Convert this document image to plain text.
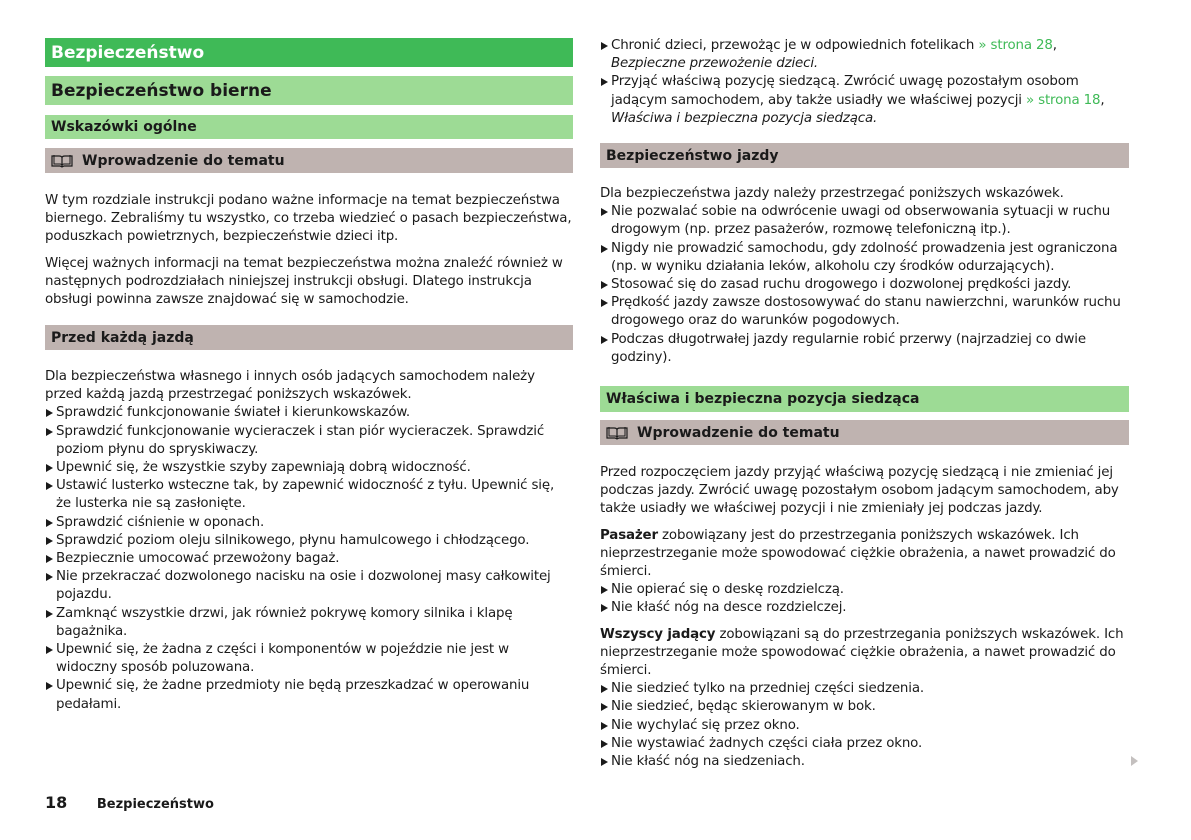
Bezpieczeństwo
Bezpieczeństwo bierne
Wskazówki ogólne
Wprowadzenie do tematu

W tym rozdziale instrukcji podano ważne informacje na temat bezpieczeństwa biernego. Zebraliśmy tu wszystko, co trzeba wiedzieć o pasach bezpieczeństwa, poduszkach powietrznych, bezpieczeństwie dzieci itp.

Więcej ważnych informacji na temat bezpieczeństwa można znaleźć również w następnych podrozdziałach niniejszej instrukcji obsługi. Dlatego instrukcja obsługi powinna zawsze znajdować się w samochodzie.

Przed każdą jazdą

Dla bezpieczeństwa własnego i innych osób jadących samochodem należy przed każdą jazdą przestrzegać poniższych wskazówek.

Sprawdzić funkcjonowanie świateł i kierunkowskazów.
Sprawdzić funkcjonowanie wycieraczek i stan piór wycieraczek. Sprawdzić poziom płynu do spryskiwaczy.
Upewnić się, że wszystkie szyby zapewniają dobrą widoczność.
Ustawić lusterko wsteczne tak, by zapewnić widoczność z tyłu. Upewnić się, że lusterka nie są zasłonięte.
Sprawdzić ciśnienie w oponach.
Sprawdzić poziom oleju silnikowego, płynu hamulcowego i chłodzącego.
Bezpiecznie umocować przewożony bagaż.
Nie przekraczać dozwolonego nacisku na osie i dozwolonej masy całkowitej pojazdu.
Zamknąć wszystkie drzwi, jak również pokrywę komory silnika i klapę bagażnika.
Upewnić się, że żadna z części i komponentów w pojeździe nie jest w widoczny sposób poluzowana.
Upewnić się, że żadne przedmioty nie będą przeszkadzać w operowaniu pedałami.
Chronić dzieci, przewożąc je w odpowiednich fotelikach » strona 28, Bezpieczne przewożenie dzieci.
Przyjąć właściwą pozycję siedzącą. Zwrócić uwagę pozostałym osobom jadącym samochodem, aby także usiadły we właściwej pozycji » strona 18, Właściwa i bezpieczna pozycja siedząca.
Bezpieczeństwo jazdy

Dla bezpieczeństwa jazdy należy przestrzegać poniższych wskazówek.

Nie pozwalać sobie na odwrócenie uwagi od obserwowania sytuacji w ruchu drogowym (np. przez pasażerów, rozmowę telefoniczną itp.).
Nigdy nie prowadzić samochodu, gdy zdolność prowadzenia jest ograniczona (np. w wyniku działania leków, alkoholu czy środków odurzających).
Stosować się do zasad ruchu drogowego i dozwolonej prędkości jazdy.
Prędkość jazdy zawsze dostosowywać do stanu nawierzchni, warunków ruchu drogowego oraz do warunków pogodowych.
Podczas długotrwałej jazdy regularnie robić przerwy (najrzadziej co dwie godziny).
Właściwa i bezpieczna pozycja siedząca
Wprowadzenie do tematu

Przed rozpoczęciem jazdy przyjąć właściwą pozycję siedzącą i nie zmieniać jej podczas jazdy. Zwrócić uwagę pozostałym osobom jadącym samochodem, aby także usiadły we właściwej pozycji i nie zmieniały jej podczas jazdy.

Pasażer zobowiązany jest do przestrzegania poniższych wskazówek. Ich nieprzestrzeganie może spowodować ciężkie obrażenia, a nawet prowadzić do śmierci.

Nie opierać się o deskę rozdzielczą.
Nie kłaść nóg na desce rozdzielczej.

Wszyscy jadący zobowiązani są do przestrzegania poniższych wskazówek. Ich nieprzestrzeganie może spowodować ciężkie obrażenia, a nawet prowadzić do śmierci.

Nie siedzieć tylko na przedniej części siedzenia.
Nie siedzieć, będąc skierowanym w bok.
Nie wychylać się przez okno.
Nie wystawiać żadnych części ciała przez okno.
Nie kłaść nóg na siedzeniach.
18 Bezpieczeństwo
